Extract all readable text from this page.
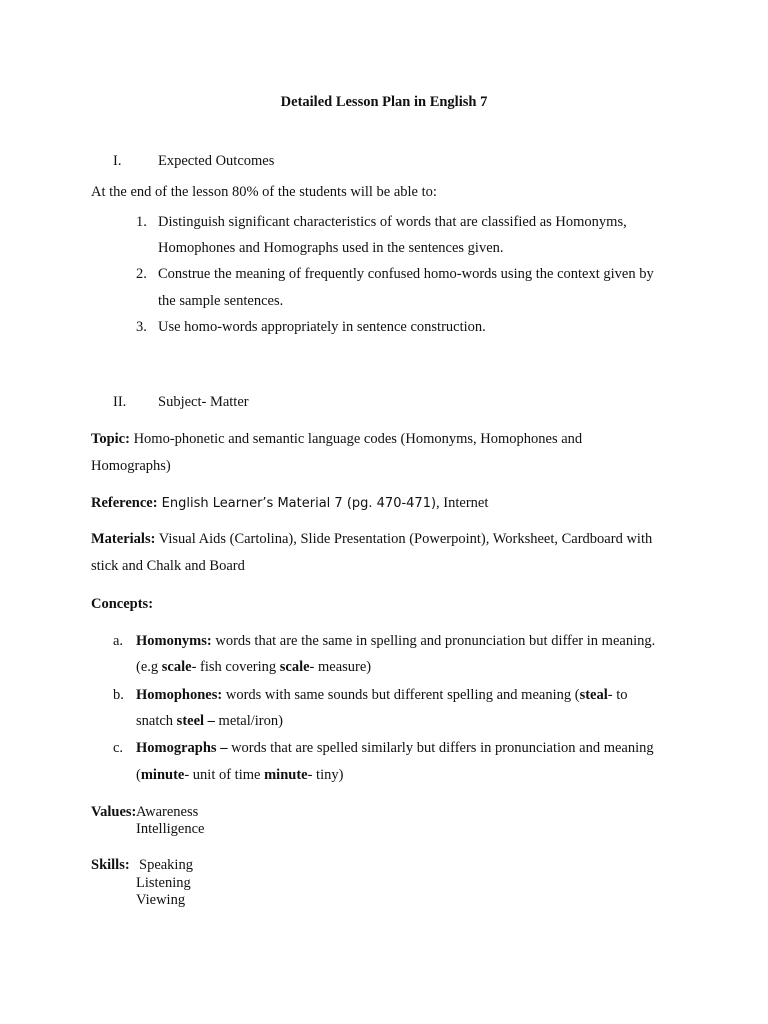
Detailed Lesson Plan in English 7
I.	Expected Outcomes
At the end of the lesson 80% of the students will be able to:
1. Distinguish significant characteristics of words that are classified as Homonyms,
Homophones and Homographs used in the sentences given.
2. Construe the meaning of frequently confused homo-words using the context given by
the sample sentences.
3. Use homo-words appropriately in sentence construction.
II. Subject- Matter
Topic: Homo-phonetic and semantic language codes (Homonyms, Homophones and
Homographs)
Reference: English Learner’s Material 7 (pg. 470-471), Internet
Materials: Visual Aids (Cartolina), Slide Presentation (Powerpoint), Worksheet, Cardboard with
stick and Chalk and Board
Concepts:
a. Homonyms: words that are the same in spelling and pronunciation but differ in meaning.
(e.g scale- fish covering scale- measure)
b. Homophones: words with same sounds but different spelling and meaning (steal- to
snatch steel – metal/iron)
c. Homographs – words that are spelled similarly but differs in pronunciation and meaning
(minute- unit of time minute- tiny)
Values: Awareness
Intelligence
Skills: Speaking
Listening
Viewing
